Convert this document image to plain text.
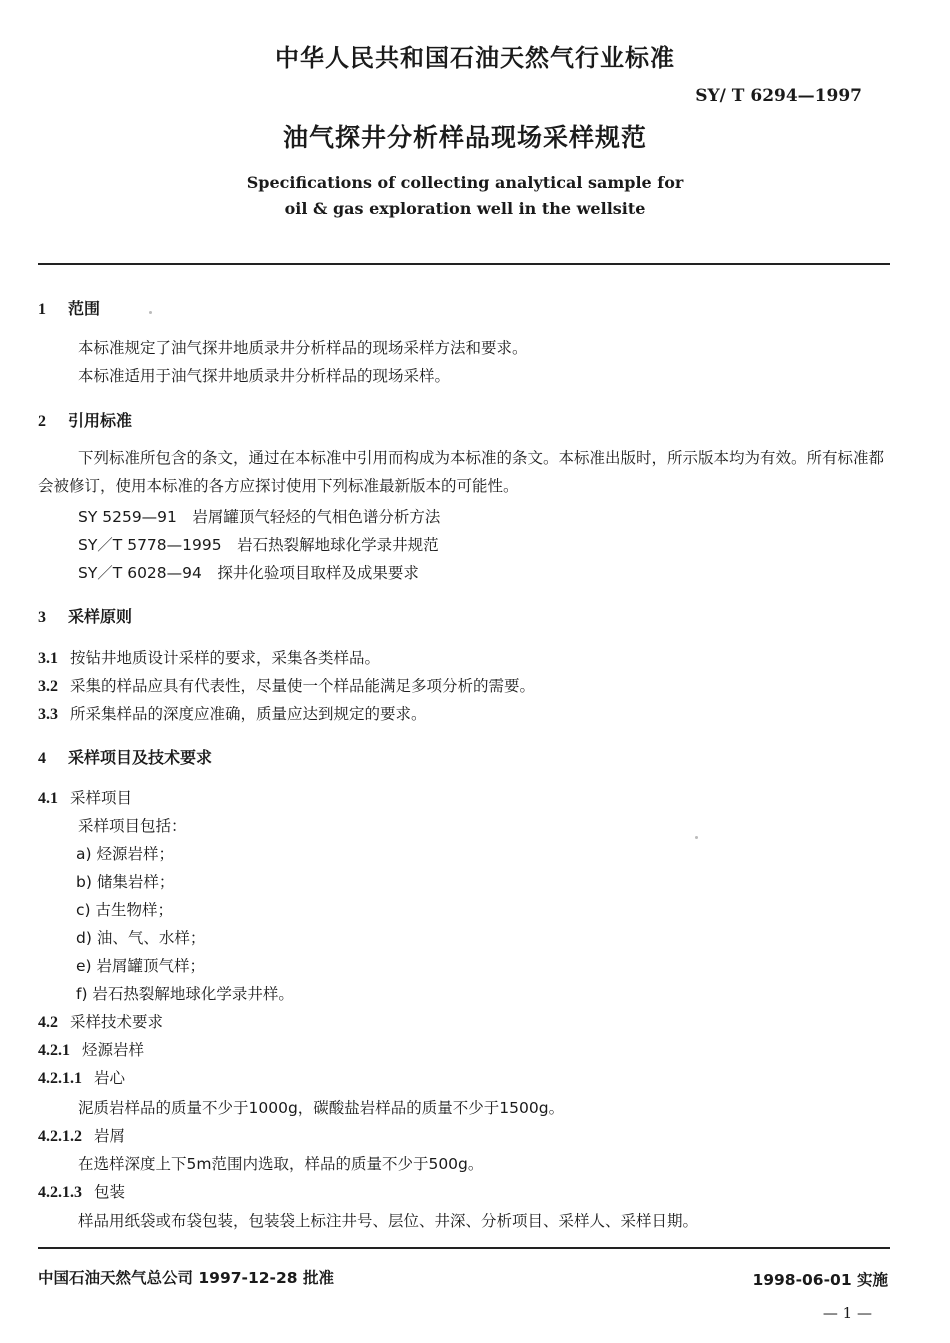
中华人民共和国石油天然气行业标准
SY/ T 6294—1997
油气探井分析样品现场采样规范
Specifications of collecting analytical sample for
oil & gas exploration well in the wellsite
1 范围
本标准规定了油气探井地质录井分析样品的现场采样方法和要求。
本标准适用于油气探井地质录井分析样品的现场采样。
2 引用标准
下列标准所包含的条文，通过在本标准中引用而构成为本标准的条文。本标准出版时，所示版本均为有效。所有标准都会被修订，使用本标准的各方应探讨使用下列标准最新版本的可能性。
SY 5259—91　岩屑罐顶气轻烃的气相色谱分析方法
SY／T 5778—1995　岩石热裂解地球化学录井规范
SY／T 6028—94　探井化验项目取样及成果要求
3 采样原则
3.1 按钻井地质设计采样的要求，采集各类样品。
3.2 采集的样品应具有代表性，尽量使一个样品能满足多项分析的需要。
3.3 所采集样品的深度应准确，质量应达到规定的要求。
4 采样项目及技术要求
4.1 采样项目
采样项目包括：
a) 烃源岩样；
b) 储集岩样；
c) 古生物样；
d) 油、气、水样；
e) 岩屑罐顶气样；
f) 岩石热裂解地球化学录井样。
4.2 采样技术要求
4.2.1 烃源岩样
4.2.1.1 岩心
泥质岩样品的质量不少于1000g，碳酸盐岩样品的质量不少于1500g。
4.2.1.2 岩屑
在选样深度上下5m范围内选取，样品的质量不少于500g。
4.2.1.3 包装
样品用纸袋或布袋包装，包装袋上标注井号、层位、井深、分析项目、采样人、采样日期。
中国石油天然气总公司 1997-12-28 批准	1998-06-01 实施
— 1 —
